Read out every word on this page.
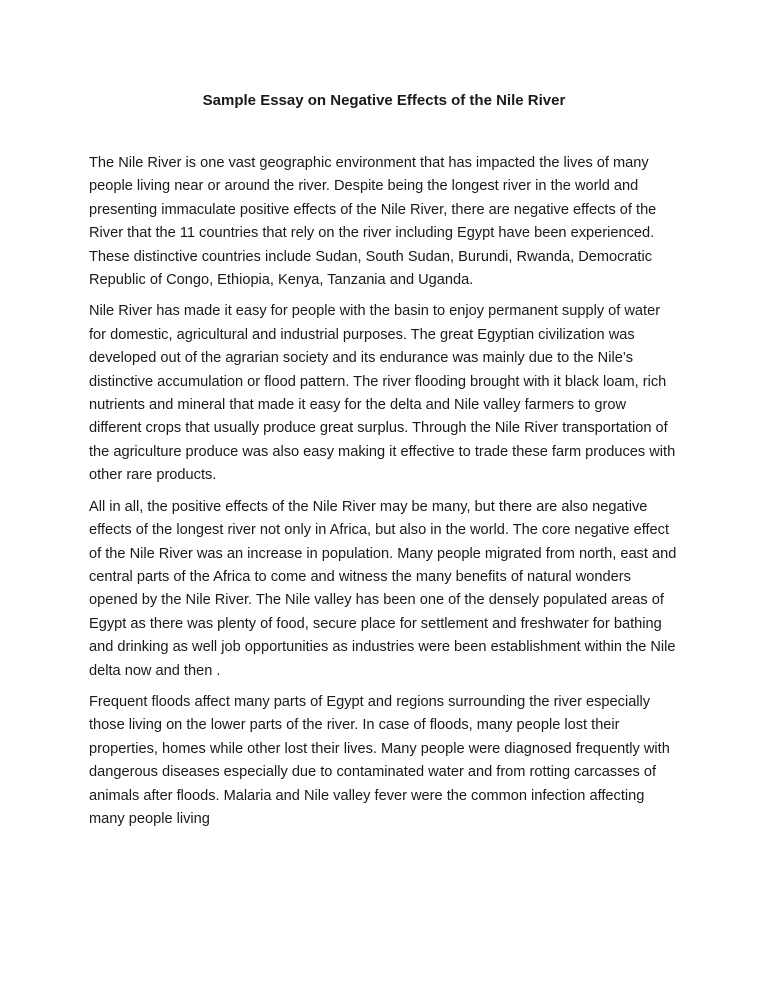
Sample Essay on Negative Effects of the Nile River

The Nile River is one vast geographic environment that has impacted the lives of many people living near or around the river. Despite being the longest river in the world and presenting immaculate positive effects of the Nile River, there are negative effects of the River that the 11 countries that rely on the river including Egypt have been experienced. These distinctive countries include Sudan, South Sudan, Burundi, Rwanda, Democratic Republic of Congo, Ethiopia, Kenya, Tanzania and Uganda.

Nile River has made it easy for people with the basin to enjoy permanent supply of water for domestic, agricultural and industrial purposes. The great Egyptian civilization was developed out of the agrarian society and its endurance was mainly due to the Nile’s distinctive accumulation or flood pattern. The river flooding brought with it black loam, rich nutrients and mineral that made it easy for the delta and Nile valley farmers to grow different crops that usually produce great surplus. Through the Nile River transportation of the agriculture produce was also easy making it effective to trade these farm produces with other rare products.

All in all, the positive effects of the Nile River may be many, but there are also negative effects of the longest river not only in Africa, but also in the world. The core negative effect of the Nile River was an increase in population. Many people migrated from north, east and central parts of the Africa to come and witness the many benefits of natural wonders opened by the Nile River. The Nile valley has been one of the densely populated areas of Egypt as there was plenty of food, secure place for settlement and freshwater for bathing and drinking as well job opportunities as industries were been establishment within the Nile delta now and then .

Frequent floods affect many parts of Egypt and regions surrounding the river especially those living on the lower parts of the river. In case of floods, many people lost their properties, homes while other lost their lives. Many people were diagnosed frequently with dangerous diseases especially due to contaminated water and from rotting carcasses of animals after floods. Malaria and Nile valley fever were the common infection affecting many people living
